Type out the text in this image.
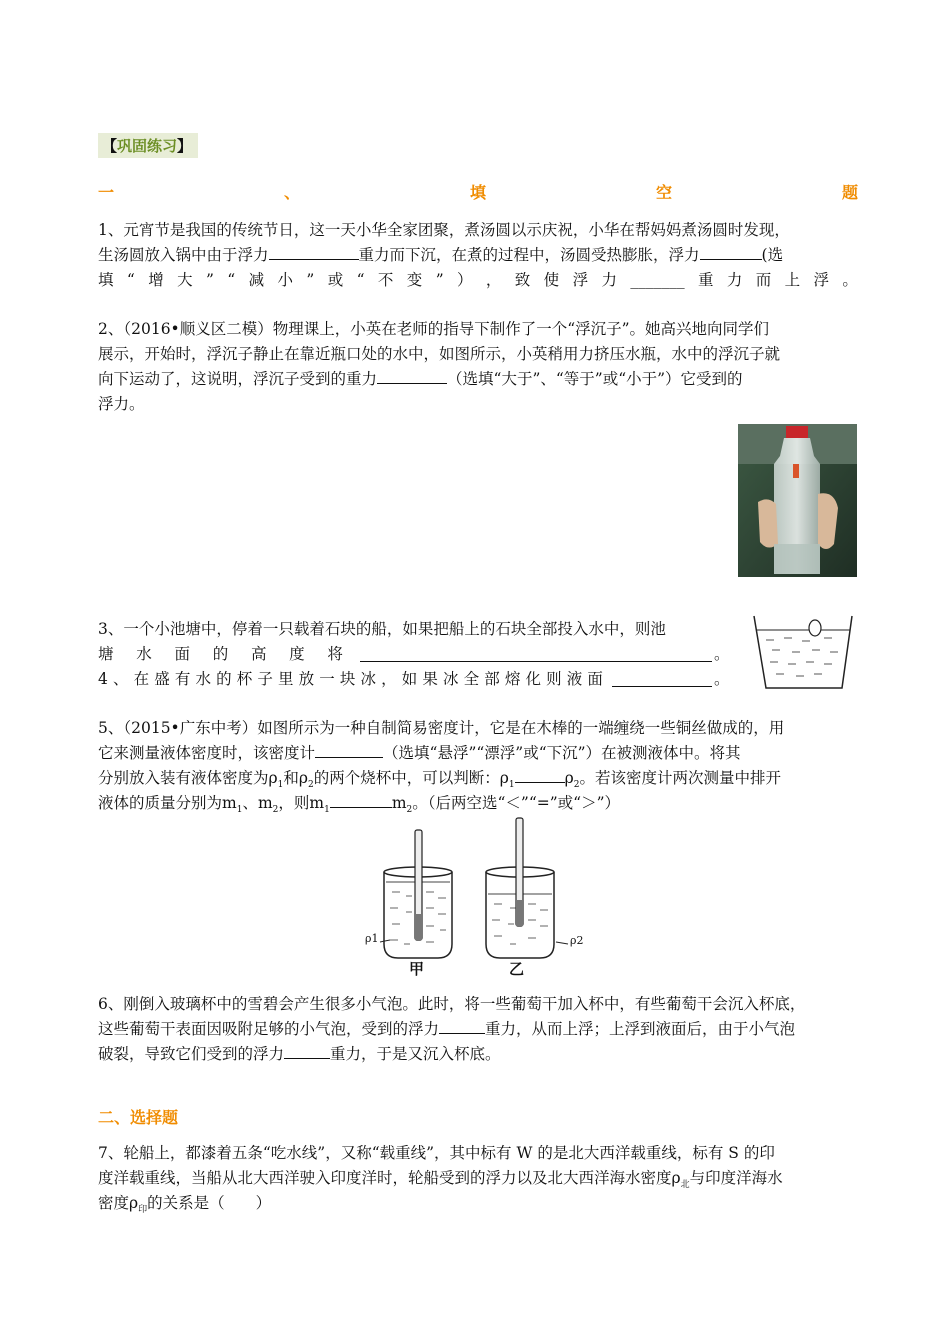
【巩固练习】
一	、	填	空	题
1、元宵节是我国的传统节日，这一天小华全家团聚，煮汤圆以示庆祝，小华在帮妈妈煮汤圆时发现，
生汤圆放入锅中由于浮力	重力而下沉，在煮的过程中，汤圆受热膨胀，浮力	(选
填 “ 增 大 ” “ 减 小 ” 或 “ 不 变 ” ） ， 致 使 浮 力 _______ 重 力 而 上 浮 。
2、（2016•顺义区二模）物理课上，小英在老师的指导下制作了一个“浮沉子”。她高兴地向同学们
展示，开始时，浮沉子静止在靠近瓶口处的水中，如图所示，小英稍用力挤压水瓶，水中的浮沉子就
向下运动了，这说明，浮沉子受到的重力	（选填“大于”、“等于”或“小于”）它受到的
浮力。
3、一个小池塘中，停着一只载着石块的船，如果把船上的石块全部投入水中，则池
塘 水 面 的 高 度 将	。
4 、 在 盛 有 水 的 杯 子 里 放 一 块 冰 ， 如 果 冰 全 部 熔 化 则 液 面	。
5、（2015•广东中考）如图所示为一种自制简易密度计，它是在木棒的一端缠绕一些铜丝做成的，用
它来测量液体密度时，该密度计	（选填“悬浮”“漂浮”或“下沉”）在被测液体中。将其
分别放入装有液体密度为$\rho_1$和$\rho_2$的两个烧杯中，可以判断：$\rho_1$	$\rho_2$。若该密度计两次测量中排开
液体的质量分别为$m_1$、$m_2$，则$m_1$	$m_2$。（后两空选“＜”“=”或“＞”）
ρ1	ρ2
甲	乙
6、刚倒入玻璃杯中的雪碧会产生很多小气泡。此时，将一些葡萄干加入杯中，有些葡萄干会沉入杯底，
这些葡萄干表面因吸附足够的小气泡，受到的浮力	重力，从而上浮；上浮到液面后，由于小气泡
破裂，导致它们受到的浮力	重力，于是又沉入杯底。
二、选择题
7、轮船上，都漆着五条“吃水线”，又称“载重线”，其中标有 W 的是北大西洋载重线，标有 S 的印
度洋载重线，当船从北大西洋驶入印度洋时，轮船受到的浮力以及北大西洋海水密度$\rho_北$与印度洋海水
密度$\rho_印$的关系是（　　）
